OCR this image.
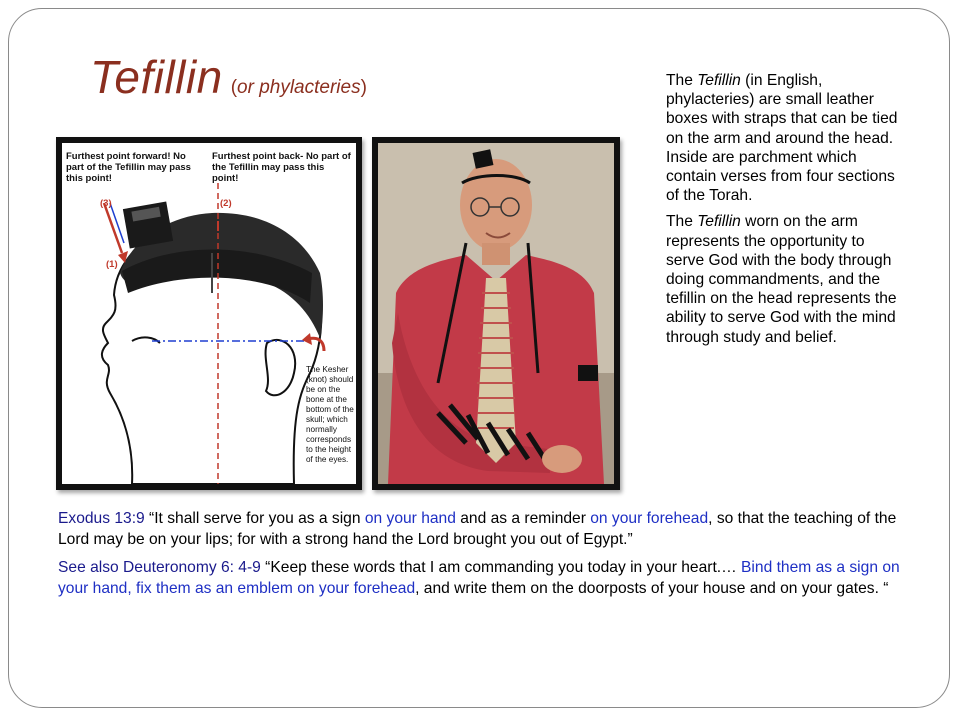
Tefillin (or phylacteries)	The Tefillin (in English, phylacteries) are small leather boxes with straps that can be tied on the arm and around the head. Inside are parchment which contain verses from four sections of the Torah.

The Tefillin worn on the arm represents the opportunity to serve God with the body through doing commandments, and the tefillin on the head represents the ability to serve God with the mind through study and belief.

Furthest point forward! No part of the Tefillin may pass this point!
Furthest point back- No part of the Tefillin may pass this point!
(3)	(2)
(1)
The Kesher (knot) should be on the bone at the bottom of the skull; which normally corresponds to the height of the eyes.

Exodus 13:9 “It shall serve for you as a sign on your hand and as a reminder on your forehead, so that the teaching of the Lord may be on your lips; for with a strong hand the Lord brought you out of Egypt.”

See also Deuteronomy 6: 4-9 “Keep these words that I am commanding you today in your heart.… Bind them as a sign on your hand, fix them as an emblem on your forehead, and write them on the doorposts of your house and on your gates. “
